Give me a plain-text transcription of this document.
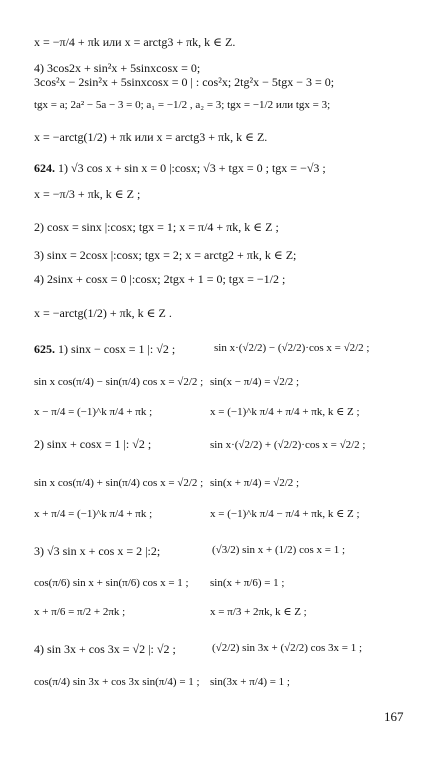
x = −π/4 + πk или x = arctg3 + πk, k ∈ Z.
4) 3cos2x + sin²x + 5sinxcosx = 0;
3cos²x − 2sin²x + 5sinxcosx = 0 | : cos²x; 2tg²x − 5tgx − 3 = 0;
tgx = a; 2a² − 5a − 3 = 0; a₁ = −1/2 , a₂ = 3; tgx = −1/2 или tgx = 3;
x = −arctg(1/2) + πk или x = arctg3 + πk, k ∈ Z.
624. 1) √3 cos x + sin x = 0 |:cosx; √3 + tgx = 0 ; tgx = −√3 ;
x = −π/3 + πk, k ∈ Z ;
2) cosx = sinx |:cosx; tgx = 1; x = π/4 + πk, k ∈ Z ;
3) sinx = 2cosx |:cosx; tgx = 2; x = arctg2 + πk, k ∈ Z;
4) 2sinx + cosx = 0 |:cosx; 2tgx + 1 = 0; tgx = −1/2 ;
x = −arctg(1/2) + πk, k ∈ Z .
625. 1) sinx − cosx = 1 |: √2 ;	sin x·(√2/2) − (√2/2)·cos x = √2/2 ;
sin x cos(π/4) − sin(π/4) cos x = √2/2 ; sin(x − π/4) = √2/2 ;
x − π/4 = (−1)^k π/4 + πk ;	x = (−1)^k π/4 + π/4 + πk, k ∈ Z ;
2) sinx + cosx = 1 |: √2 ;	sin x·(√2/2) + (√2/2)·cos x = √2/2 ;
sin x cos(π/4) + sin(π/4) cos x = √2/2 ; sin(x + π/4) = √2/2 ;
x + π/4 = (−1)^k π/4 + πk ;	x = (−1)^k π/4 − π/4 + πk, k ∈ Z ;
3) √3 sin x + cos x = 2 |:2;	(√3/2) sin x + (1/2) cos x = 1 ;
cos(π/6) sin x + sin(π/6) cos x = 1 ; sin(x + π/6) = 1 ;
x + π/6 = π/2 + 2πk ;	x = π/3 + 2πk, k ∈ Z ;
4) sin 3x + cos 3x = √2 |: √2 ;	(√2/2) sin 3x + (√2/2) cos 3x = 1 ;
cos(π/4) sin 3x + cos 3x sin(π/4) = 1 ; sin(3x + π/4) = 1 ;
167
